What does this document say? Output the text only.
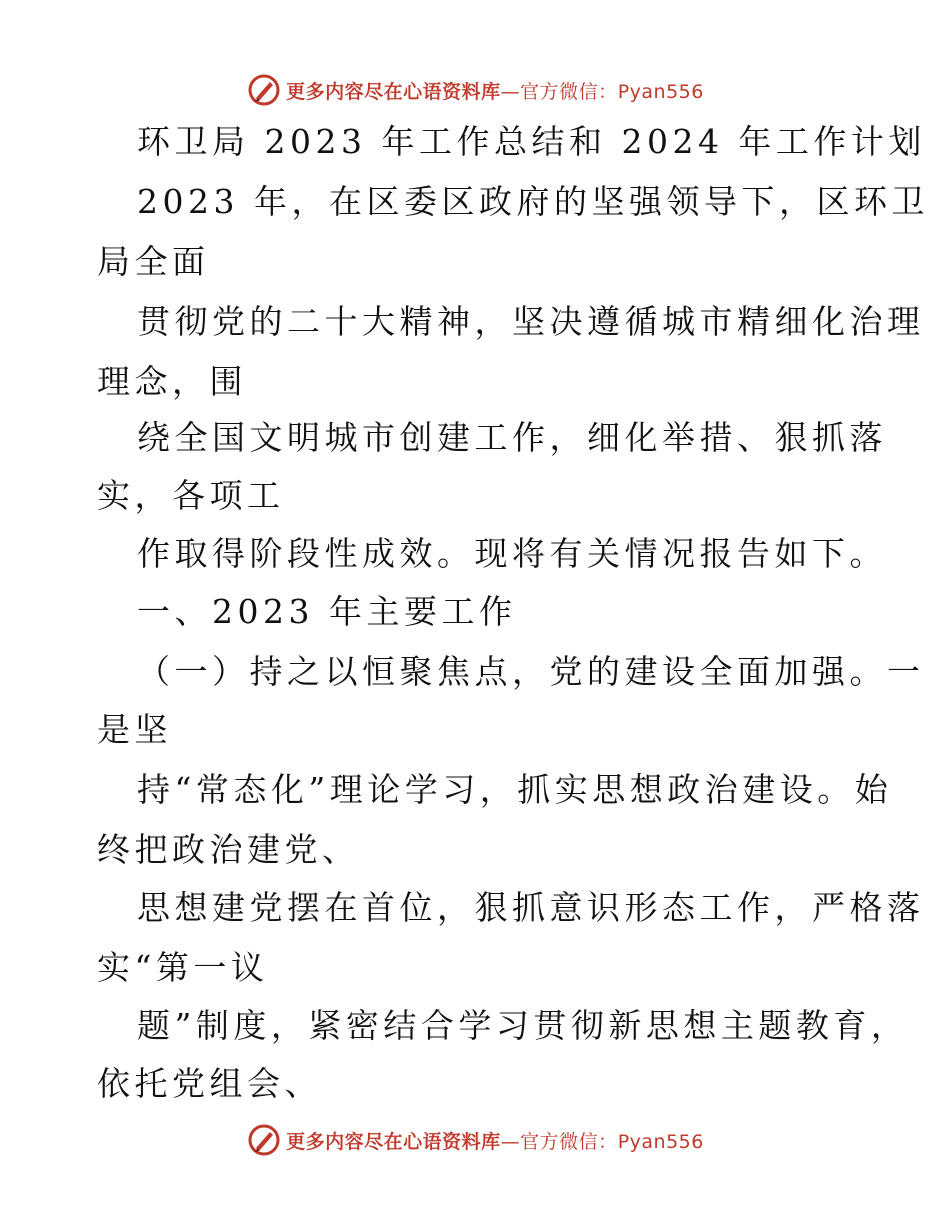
更多内容尽在心语资料库—官方微信：Pyan556
环卫局 2023 年工作总结和 2024 年工作计划
2023 年，在区委区政府的坚强领导下，区环卫
局全面
贯彻党的二十大精神，坚决遵循城市精细化治理
理念，围
绕全国文明城市创建工作，细化举措、狠抓落
实，各项工
作取得阶段性成效。现将有关情况报告如下。
一、2023 年主要工作
（一）持之以恒聚焦点，党的建设全面加强。一
是坚
持“常态化”理论学习，抓实思想政治建设。始
终把政治建党、
思想建党摆在首位，狠抓意识形态工作，严格落
实“第一议
题”制度，紧密结合学习贯彻新思想主题教育，
依托党组会、
更多内容尽在心语资料库—官方微信：Pyan556
